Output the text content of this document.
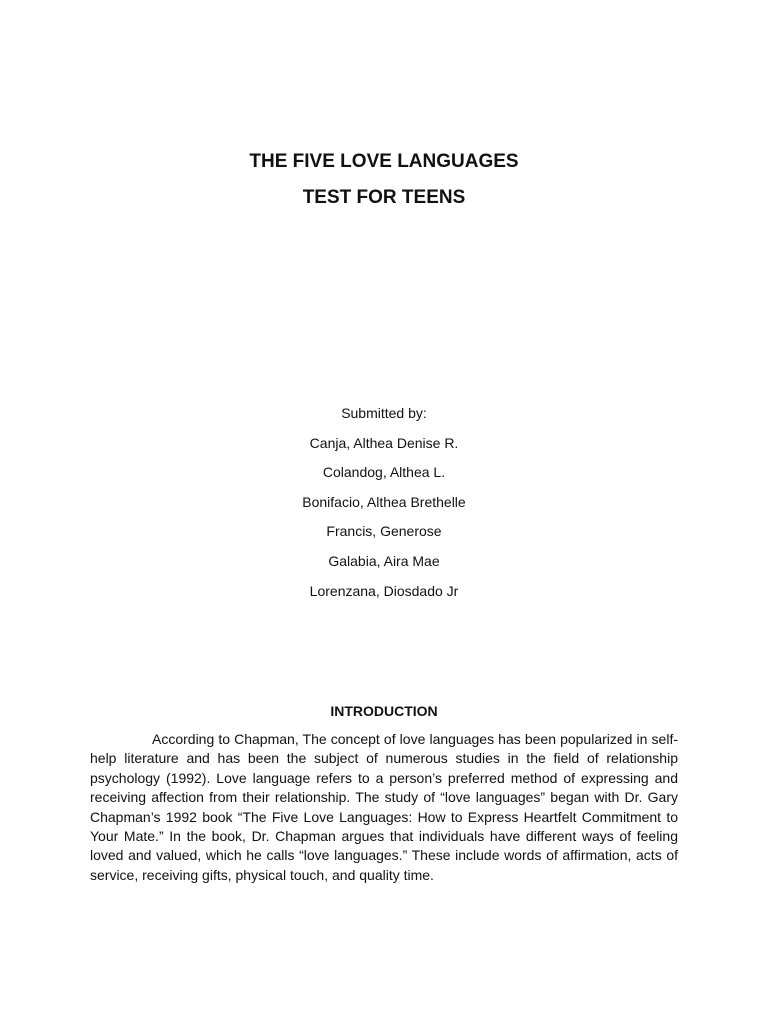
THE FIVE LOVE LANGUAGES
TEST FOR TEENS

Submitted by:

Canja, Althea Denise R.
Colandog, Althea L.
Bonifacio, Althea Brethelle
Francis, Generose
Galabia, Aira Mae
Lorenzana, Diosdado Jr
INTRODUCTION

According to Chapman, The concept of love languages has been popularized in self-help literature and has been the subject of numerous studies in the field of relationship psychology (1992). Love language refers to a person’s preferred method of expressing and receiving affection from their relationship. The study of “love languages” began with Dr. Gary Chapman’s 1992 book “The Five Love Languages: How to Express Heartfelt Commitment to Your Mate.” In the book, Dr. Chapman argues that individuals have different ways of feeling loved and valued, which he calls “love languages.” These include words of affirmation, acts of service, receiving gifts, physical touch, and quality time.
